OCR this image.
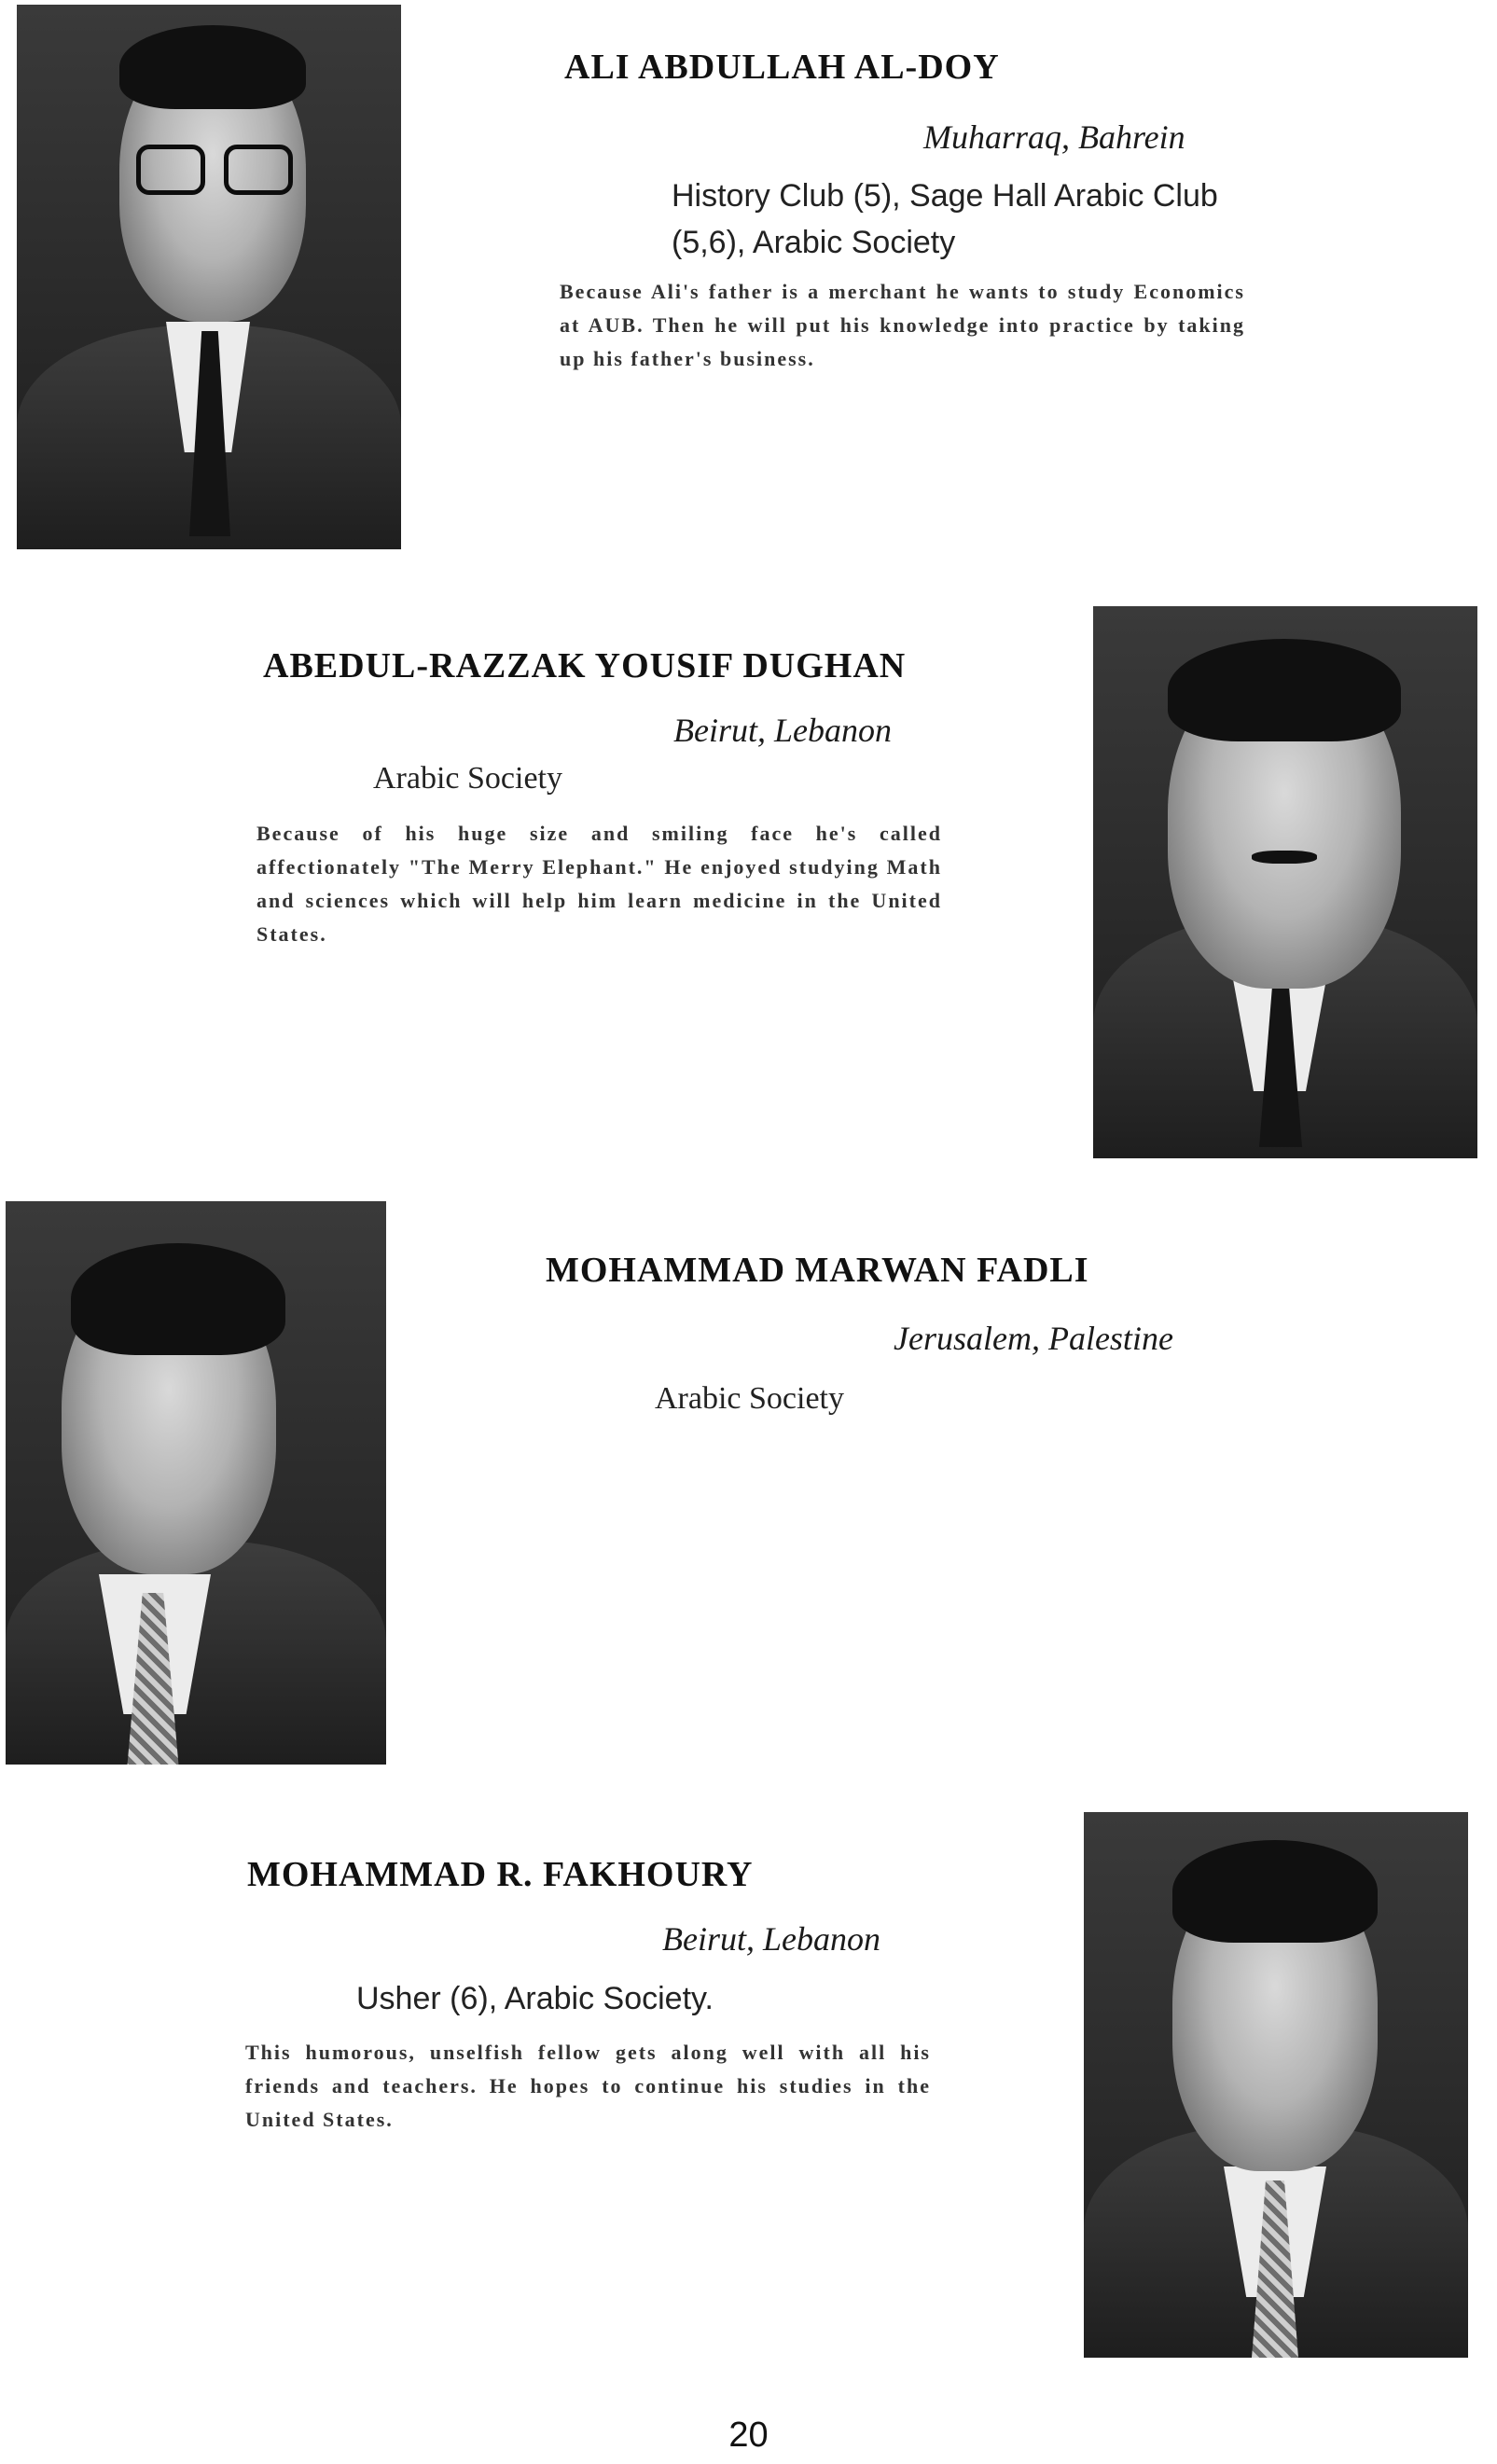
ALI ABDULLAH AL-DOY
Muharraq, Bahrein
History Club (5), Sage Hall Arabic Club (5,6), Arabic Society
Because Ali's father is a merchant he wants to study Economics at AUB. Then he will put his knowledge into practice by taking up his father's business.
ABEDUL-RAZZAK YOUSIF DUGHAN
Beirut, Lebanon
Arabic Society
Because of his huge size and smiling face he's called affectionately "The Merry Elephant." He enjoyed studying Math and sciences which will help him learn medicine in the United States.
MOHAMMAD MARWAN FADLI
Jerusalem, Palestine
Arabic Society
MOHAMMAD R. FAKHOURY
Beirut, Lebanon
Usher (6), Arabic Society.
This humorous, unselfish fellow gets along well with all his friends and teachers. He hopes to continue his studies in the United States.
20
